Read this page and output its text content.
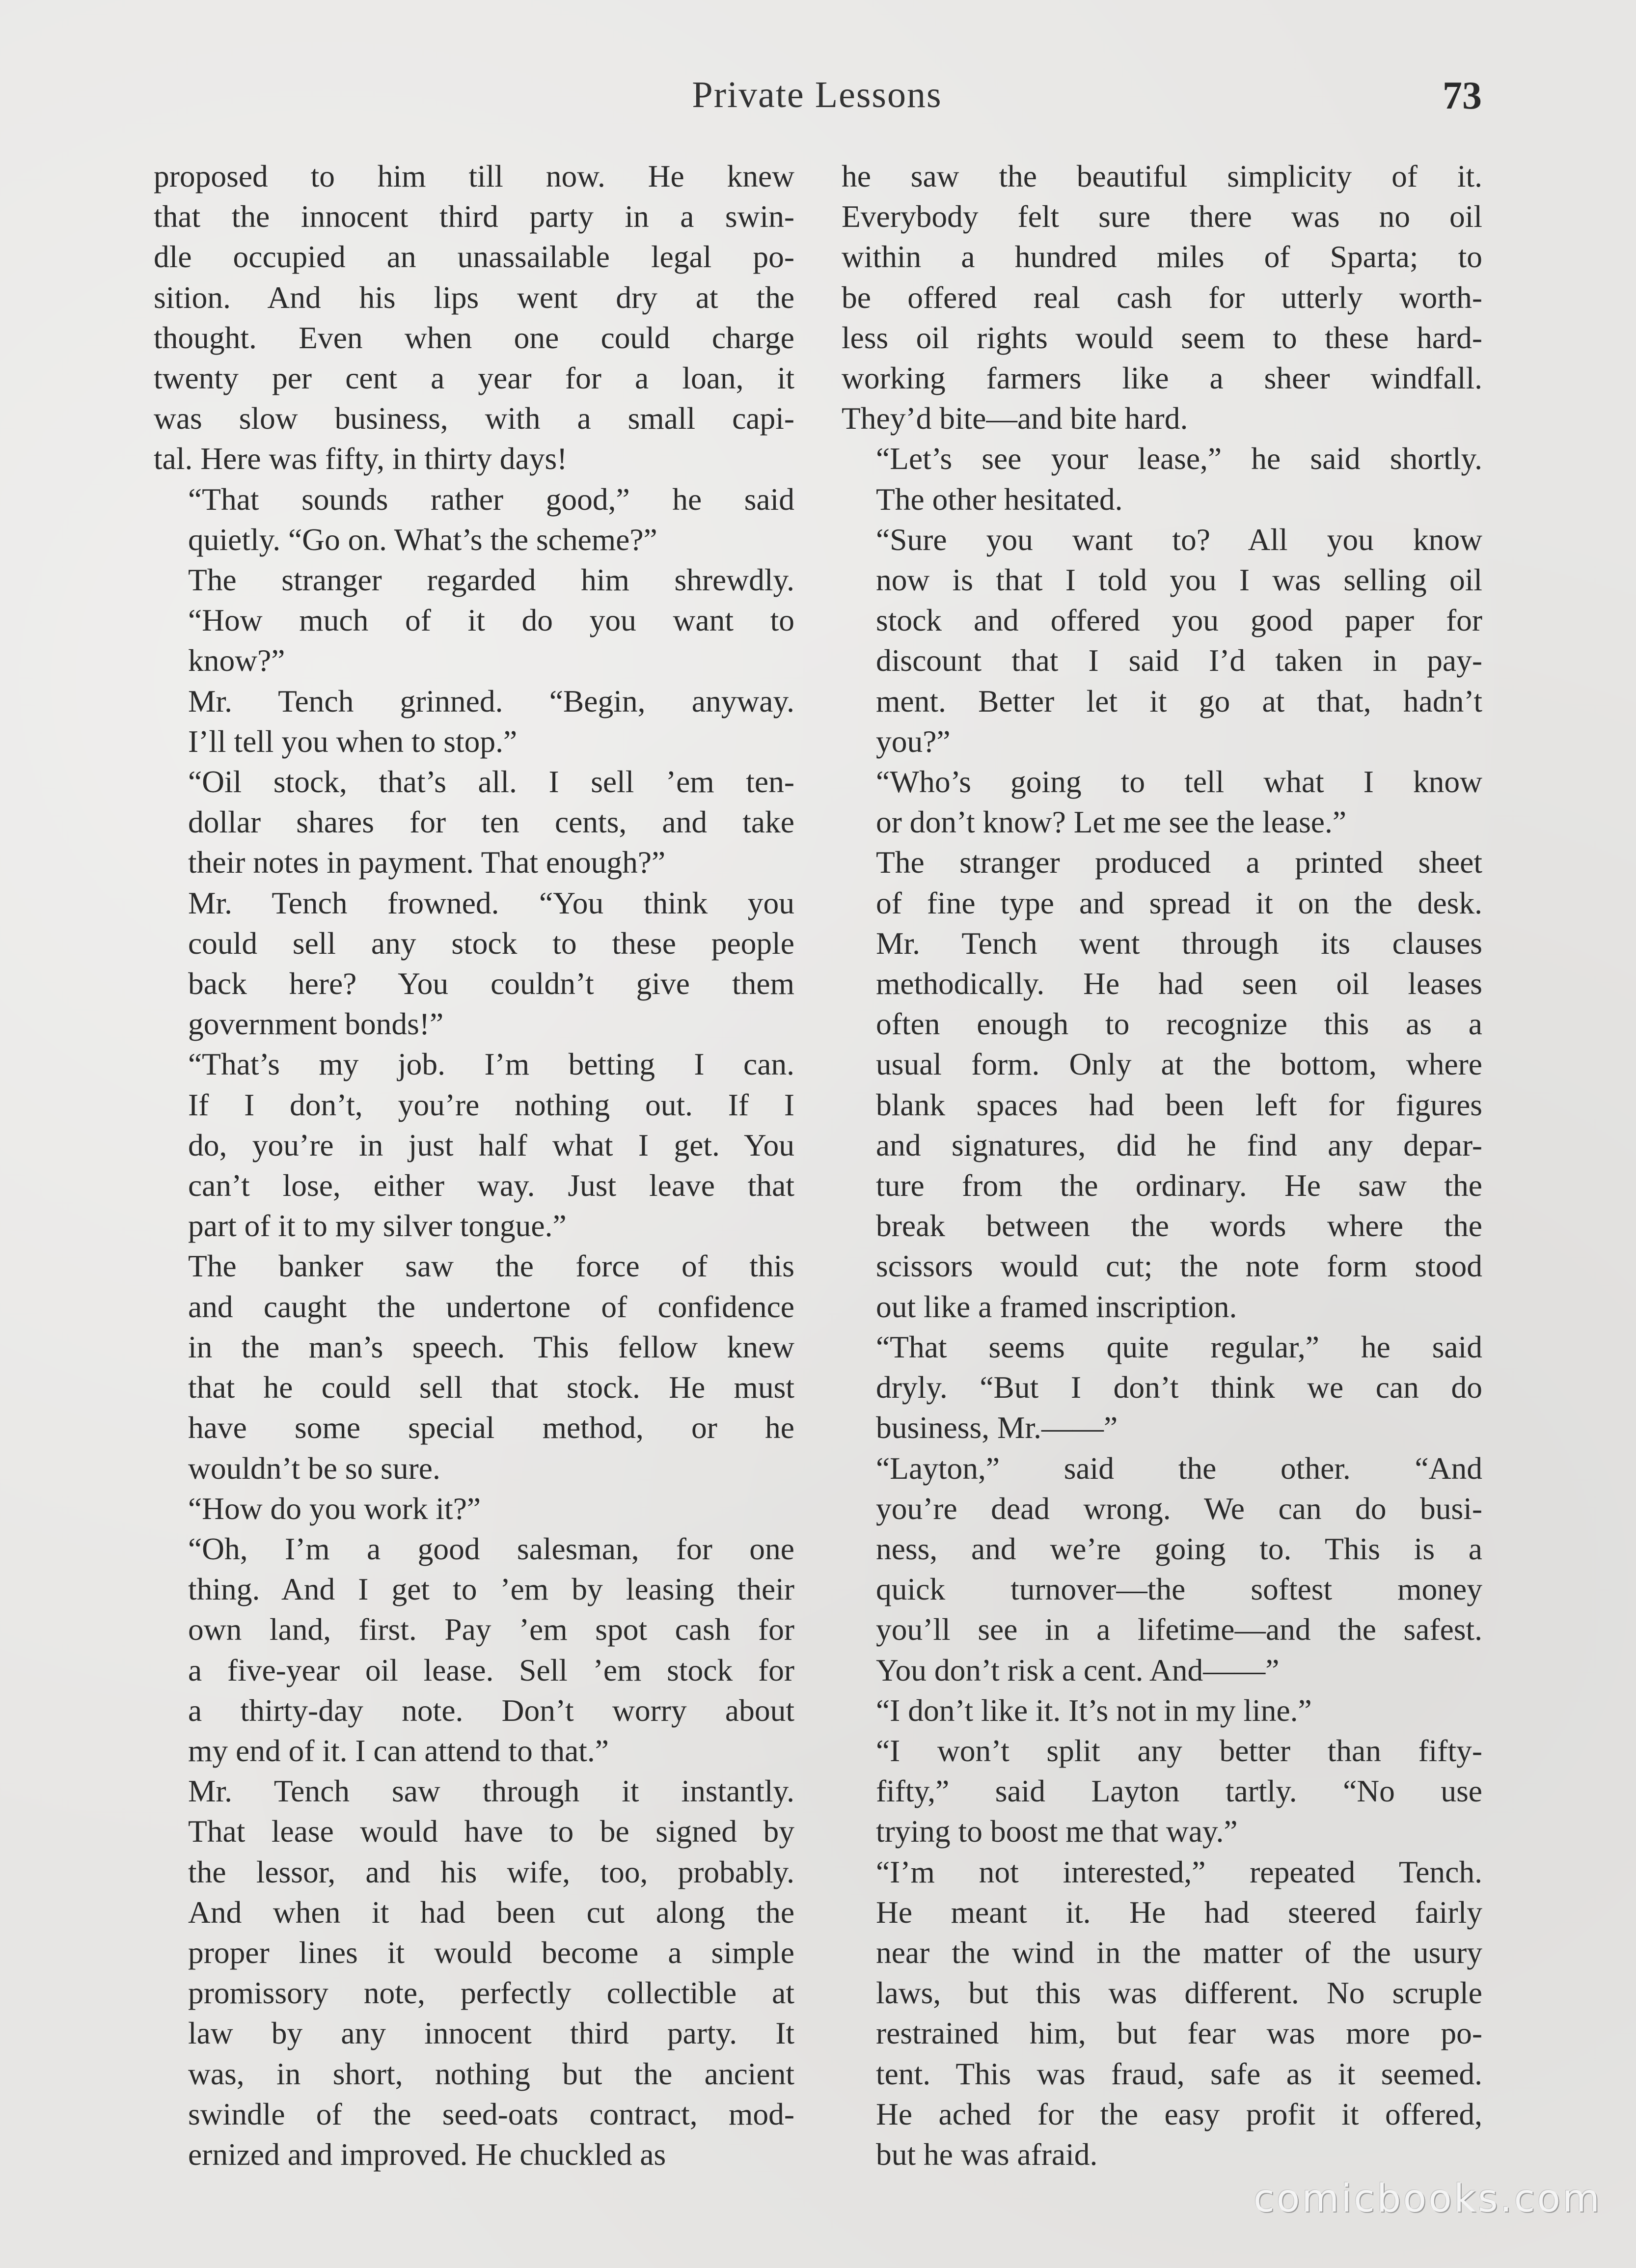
Private Lessons	73

proposed to him till now. He knew
that the innocent third party in a swin-
dle occupied an unassailable legal po-
sition. And his lips went dry at the
thought. Even when one could charge
twenty per cent a year for a loan, it
was slow business, with a small capi-
tal. Here was fifty, in thirty days!

“That sounds rather good,” he said
quietly. “Go on. What’s the scheme?”

The stranger regarded him shrewdly.
“How much of it do you want to
know?”

Mr. Tench grinned. “Begin, anyway.
I’ll tell you when to stop.”

“Oil stock, that’s all. I sell ’em ten-
dollar shares for ten cents, and take
their notes in payment. That enough?”

Mr. Tench frowned. “You think you
could sell any stock to these people
back here? You couldn’t give them
government bonds!”

“That’s my job. I’m betting I can.
If I don’t, you’re nothing out. If I
do, you’re in just half what I get. You
can’t lose, either way. Just leave that
part of it to my silver tongue.”

The banker saw the force of this
and caught the undertone of confidence
in the man’s speech. This fellow knew
that he could sell that stock. He must
have some special method, or he
wouldn’t be so sure.

“How do you work it?”

“Oh, I’m a good salesman, for one
thing. And I get to ’em by leasing their
own land, first. Pay ’em spot cash for
a five-year oil lease. Sell ’em stock for
a thirty-day note. Don’t worry about
my end of it. I can attend to that.”

Mr. Tench saw through it instantly.
That lease would have to be signed by
the lessor, and his wife, too, probably.
And when it had been cut along the
proper lines it would become a simple
promissory note, perfectly collectible at
law by any innocent third party. It
was, in short, nothing but the ancient
swindle of the seed-oats contract, mod-
ernized and improved. He chuckled as

he saw the beautiful simplicity of it.
Everybody felt sure there was no oil
within a hundred miles of Sparta; to
be offered real cash for utterly worth-
less oil rights would seem to these hard-
working farmers like a sheer windfall.
They’d bite—and bite hard.

“Let’s see your lease,” he said shortly.
The other hesitated.

“Sure you want to? All you know
now is that I told you I was selling oil
stock and offered you good paper for
discount that I said I’d taken in pay-
ment. Better let it go at that, hadn’t
you?”

“Who’s going to tell what I know
or don’t know? Let me see the lease.”

The stranger produced a printed sheet
of fine type and spread it on the desk.
Mr. Tench went through its clauses
methodically. He had seen oil leases
often enough to recognize this as a
usual form. Only at the bottom, where
blank spaces had been left for figures
and signatures, did he find any depar-
ture from the ordinary. He saw the
break between the words where the
scissors would cut; the note form stood
out like a framed inscription.

“That seems quite regular,” he said
dryly. “But I don’t think we can do
business, Mr.——”

“Layton,” said the other. “And
you’re dead wrong. We can do busi-
ness, and we’re going to. This is a
quick turnover—the softest money
you’ll see in a lifetime—and the safest.
You don’t risk a cent. And——”

“I don’t like it. It’s not in my line.”

“I won’t split any better than fifty-
fifty,” said Layton tartly. “No use
trying to boost me that way.”

“I’m not interested,” repeated Tench.
He meant it. He had steered fairly
near the wind in the matter of the usury
laws, but this was different. No scruple
restrained him, but fear was more po-
tent. This was fraud, safe as it seemed.
He ached for the easy profit it offered,
but he was afraid.

comicbooks.com
